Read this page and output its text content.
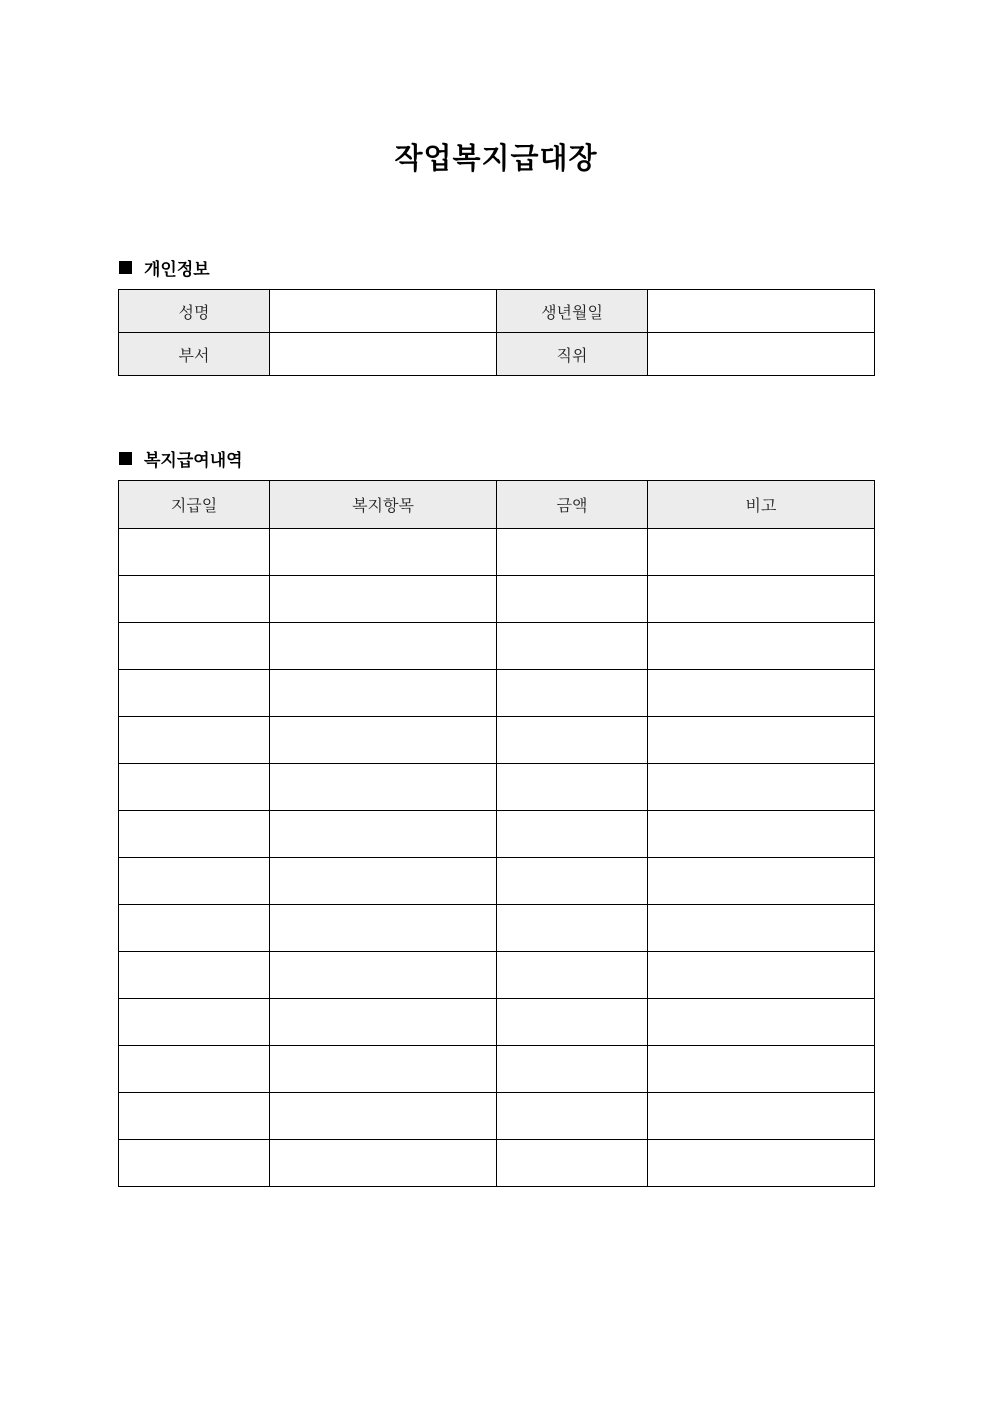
작업복지급대장
개인정보
성명		생년월일	
부서		직위	
복지급여내역
지급일	복지항목	금액	비고
